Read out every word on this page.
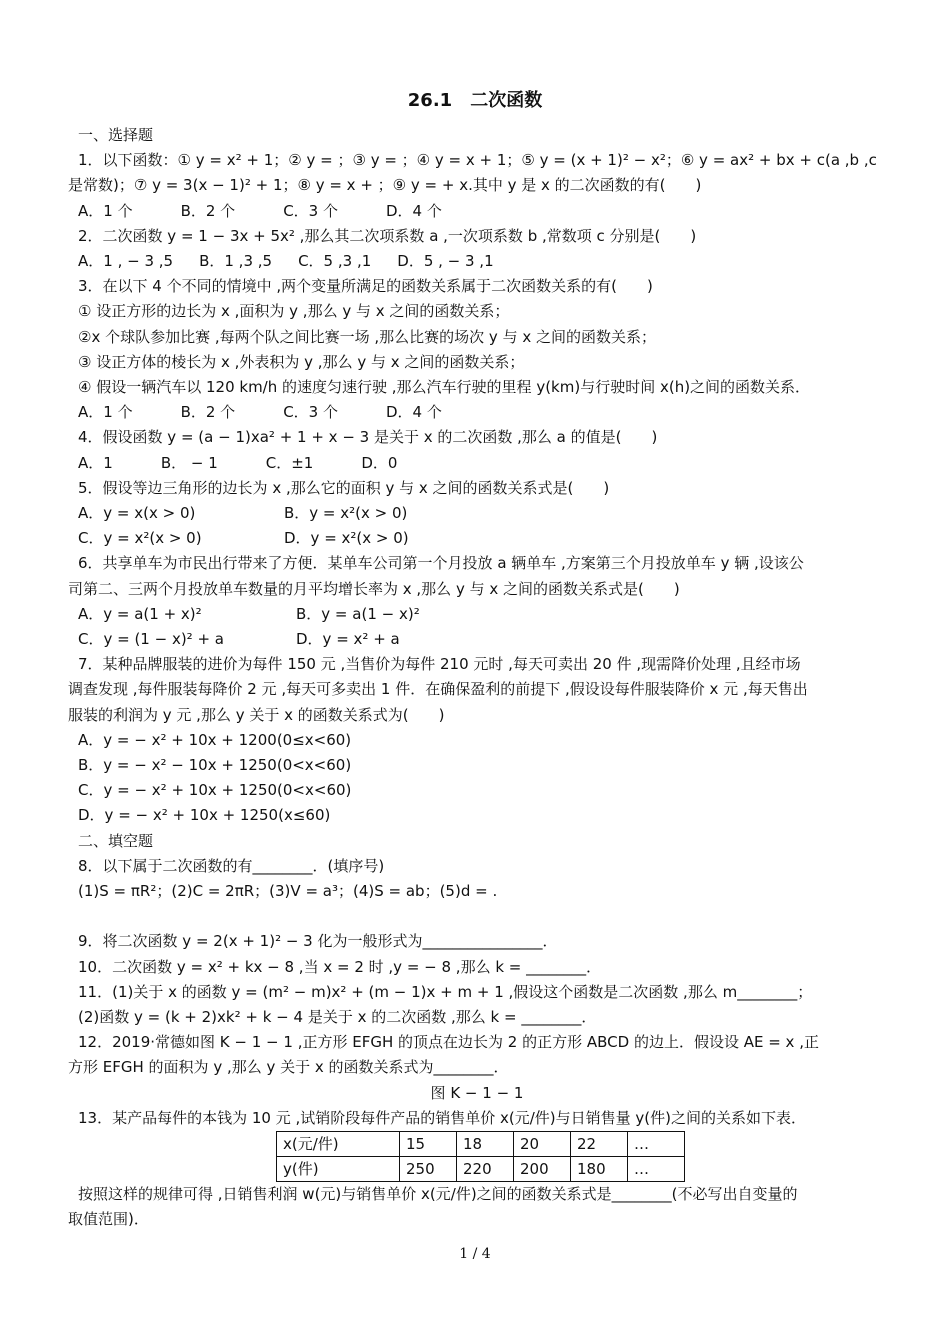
26.1　二次函数
一、选择题
1．以下函数：① y = x² + 1；② y = ；③ y = ；④ y = x + 1；⑤ y = (x + 1)² − x²；⑥ y = ax² + bx + c(a ,b ,c
是常数)；⑦ y = 3(x − 1)² + 1；⑧ y = x + ；⑨ y = + x.其中 y 是 x 的二次函数的有(　　)
A．1 个	B．2 个	C．3 个	D．4 个
2．二次函数 y = 1 − 3x + 5x² ,那么其二次项系数 a ,一次项系数 b ,常数项 c 分别是(　　)
A．1 , − 3 ,5 B．1 ,3 ,5 C．5 ,3 ,1 D．5 , − 3 ,1
3．在以下 4 个不同的情境中 ,两个变量所满足的函数关系属于二次函数关系的有(　　)
① 设正方形的边长为 x ,面积为 y ,那么 y 与 x 之间的函数关系；
②x 个球队参加比赛 ,每两个队之间比赛一场 ,那么比赛的场次 y 与 x 之间的函数关系；
③ 设正方体的棱长为 x ,外表积为 y ,那么 y 与 x 之间的函数关系；
④ 假设一辆汽车以 120 km/h 的速度匀速行驶 ,那么汽车行驶的里程 y(km)与行驶时间 x(h)之间的函数关系．
A．1 个	B．2 个	C．3 个	D．4 个
4．假设函数 y = (a − 1)xa² + 1 + x − 3 是关于 x 的二次函数 ,那么 a 的值是(　　)
A．1	B． − 1	C．±1	D．0
5．假设等边三角形的边长为 x ,那么它的面积 y 与 x 之间的函数关系式是(　　)
A．y = x(x > 0)	B．y = x²(x > 0)
C．y = x²(x > 0)	D．y = x²(x > 0)
6．共享单车为市民出行带来了方便．某单车公司第一个月投放 a 辆单车 ,方案第三个月投放单车 y 辆 ,设该公
司第二、三两个月投放单车数量的月平均增长率为 x ,那么 y 与 x 之间的函数关系式是(　　)
A．y = a(1 + x)²	B．y = a(1 − x)²
C．y = (1 − x)² + a	D．y = x² + a
7．某种品牌服装的进价为每件 150 元 ,当售价为每件 210 元时 ,每天可卖出 20 件 ,现需降价处理 ,且经市场
调查发现 ,每件服装每降价 2 元 ,每天可多卖出 1 件．在确保盈利的前提下 ,假设设每件服装降价 x 元 ,每天售出
服装的利润为 y 元 ,那么 y 关于 x 的函数关系式为(　　)
A．y = − x² + 10x + 1200(0≤x<60)
B．y = − x² − 10x + 1250(0<x<60)
C．y = − x² + 10x + 1250(0<x<60)
D．y = − x² + 10x + 1250(x≤60)
二、填空题
8．以下属于二次函数的有________．(填序号)
(1)S = πR²；(2)C = 2πR；(3)V = a³；(4)S = ab；(5)d = .
9．将二次函数 y = 2(x + 1)² − 3 化为一般形式为________________．
10．二次函数 y = x² + kx − 8 ,当 x = 2 时 ,y = − 8 ,那么 k = ________．
11．(1)关于 x 的函数 y = (m² − m)x² + (m − 1)x + m + 1 ,假设这个函数是二次函数 ,那么 m________；
(2)函数 y = (k + 2)xk² + k − 4 是关于 x 的二次函数 ,那么 k = ________．
12．2019·常德如图 K − 1 − 1 ,正方形 EFGH 的顶点在边长为 2 的正方形 ABCD 的边上．假设设 AE = x ,正
方形 EFGH 的面积为 y ,那么 y 关于 x 的函数关系式为________．
图 K − 1 − 1
13．某产品每件的本钱为 10 元 ,试销阶段每件产品的销售单价 x(元/件)与日销售量 y(件)之间的关系如下表．
x(元/件)	15	18	20	22	…
y(件)	250	220	200	180	…
按照这样的规律可得 ,日销售利润 w(元)与销售单价 x(元/件)之间的函数关系式是________(不必写出自变量的
取值范围)．
1 / 4
